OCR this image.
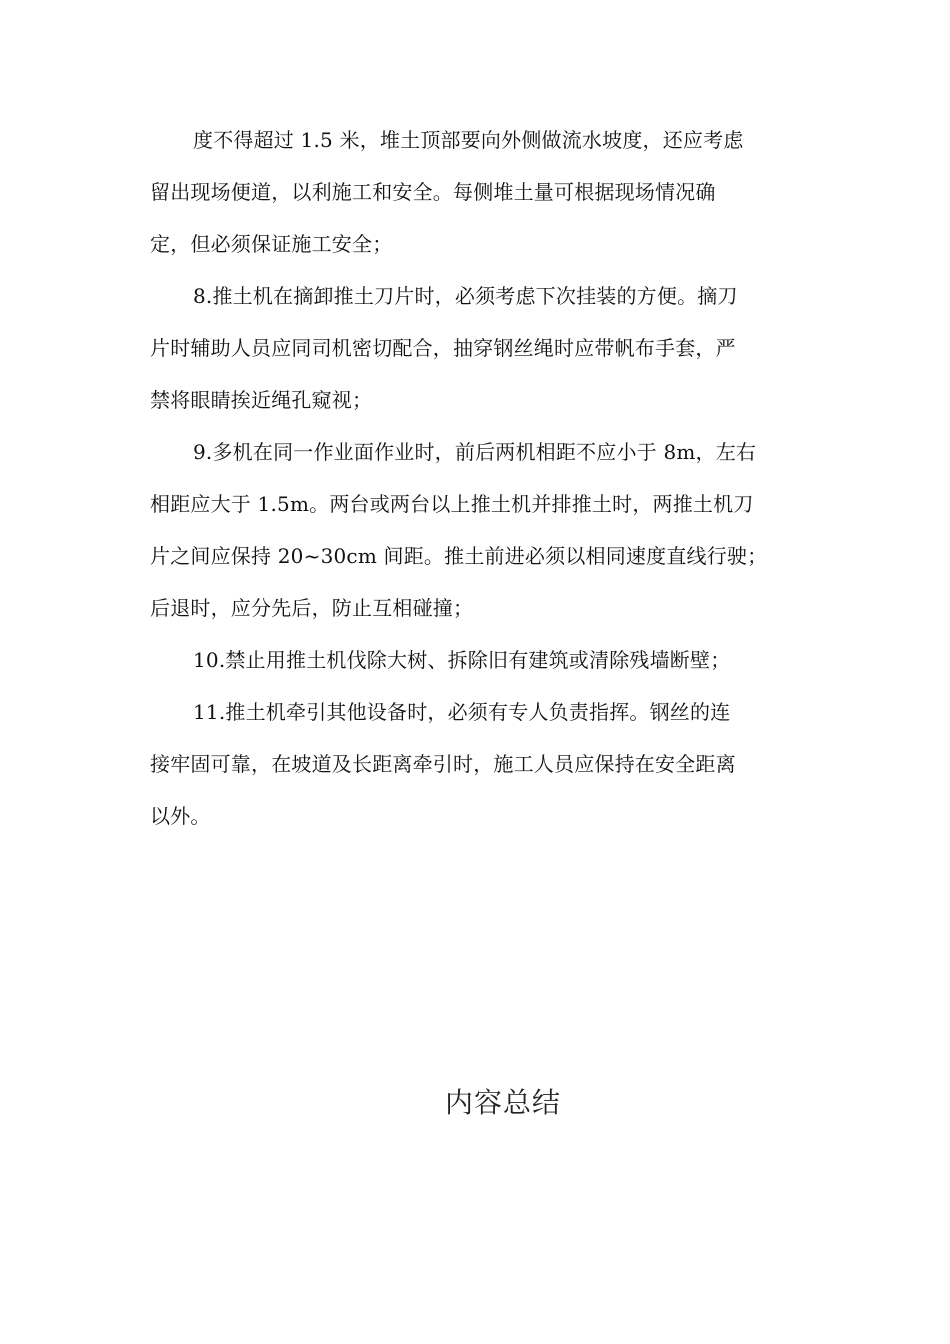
度不得超过 1.5 米，堆土顶部要向外侧做流水坡度，还应考虑
留出现场便道，以利施工和安全。每侧堆土量可根据现场情况确
定，但必须保证施工安全；
8.推土机在摘卸推土刀片时，必须考虑下次挂装的方便。摘刀
片时辅助人员应同司机密切配合，抽穿钢丝绳时应带帆布手套，严
禁将眼睛挨近绳孔窥视；
9.多机在同一作业面作业时，前后两机相距不应小于 8m，左右
相距应大于 1.5m。两台或两台以上推土机并排推土时，两推土机刀
片之间应保持 20~30cm 间距。推土前进必须以相同速度直线行驶；
后退时，应分先后，防止互相碰撞；
10.禁止用推土机伐除大树、拆除旧有建筑或清除残墙断壁；
11.推土机牵引其他设备时，必须有专人负责指挥。钢丝的连
接牢固可靠，在坡道及长距离牵引时，施工人员应保持在安全距离
以外。
内容总结
